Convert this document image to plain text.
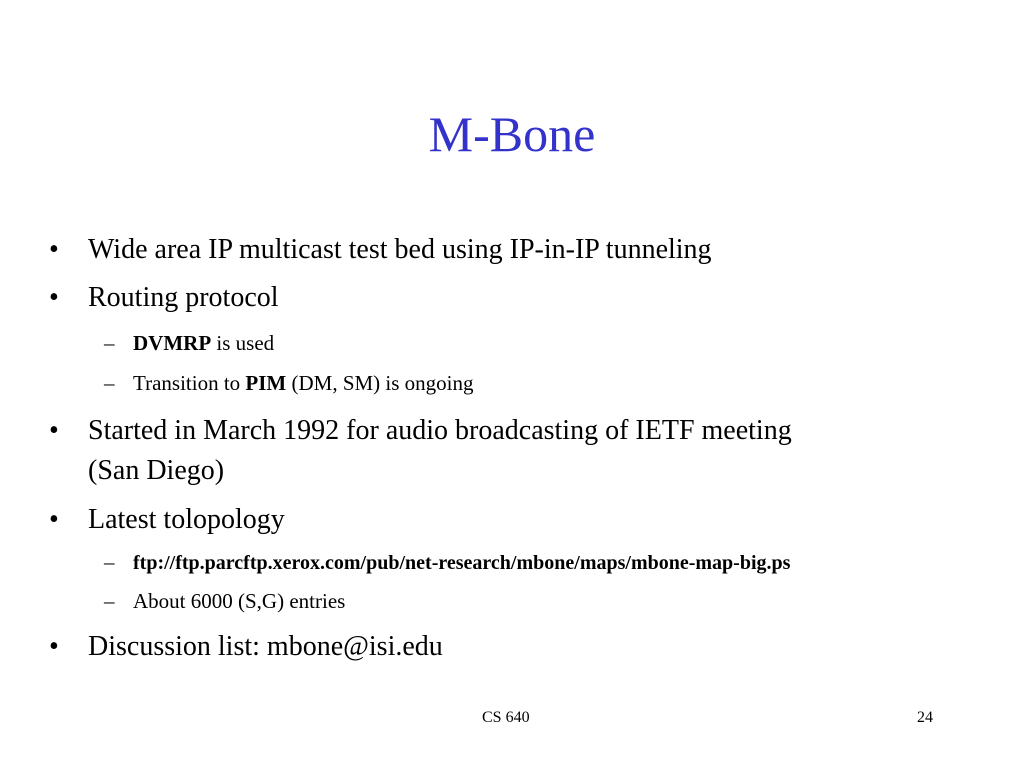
M-Bone
• Wide area IP multicast test bed using IP-in-IP tunneling
• Routing protocol
– DVMRP is used
– Transition to PIM (DM, SM) is ongoing
• Started in March 1992 for audio broadcasting of IETF meeting
(San Diego)
• Latest tolopology
– ftp://ftp.parcftp.xerox.com/pub/net-research/mbone/maps/mbone-map-big.ps
– About 6000 (S,G) entries
• Discussion list: mbone@isi.edu
CS 640	24
